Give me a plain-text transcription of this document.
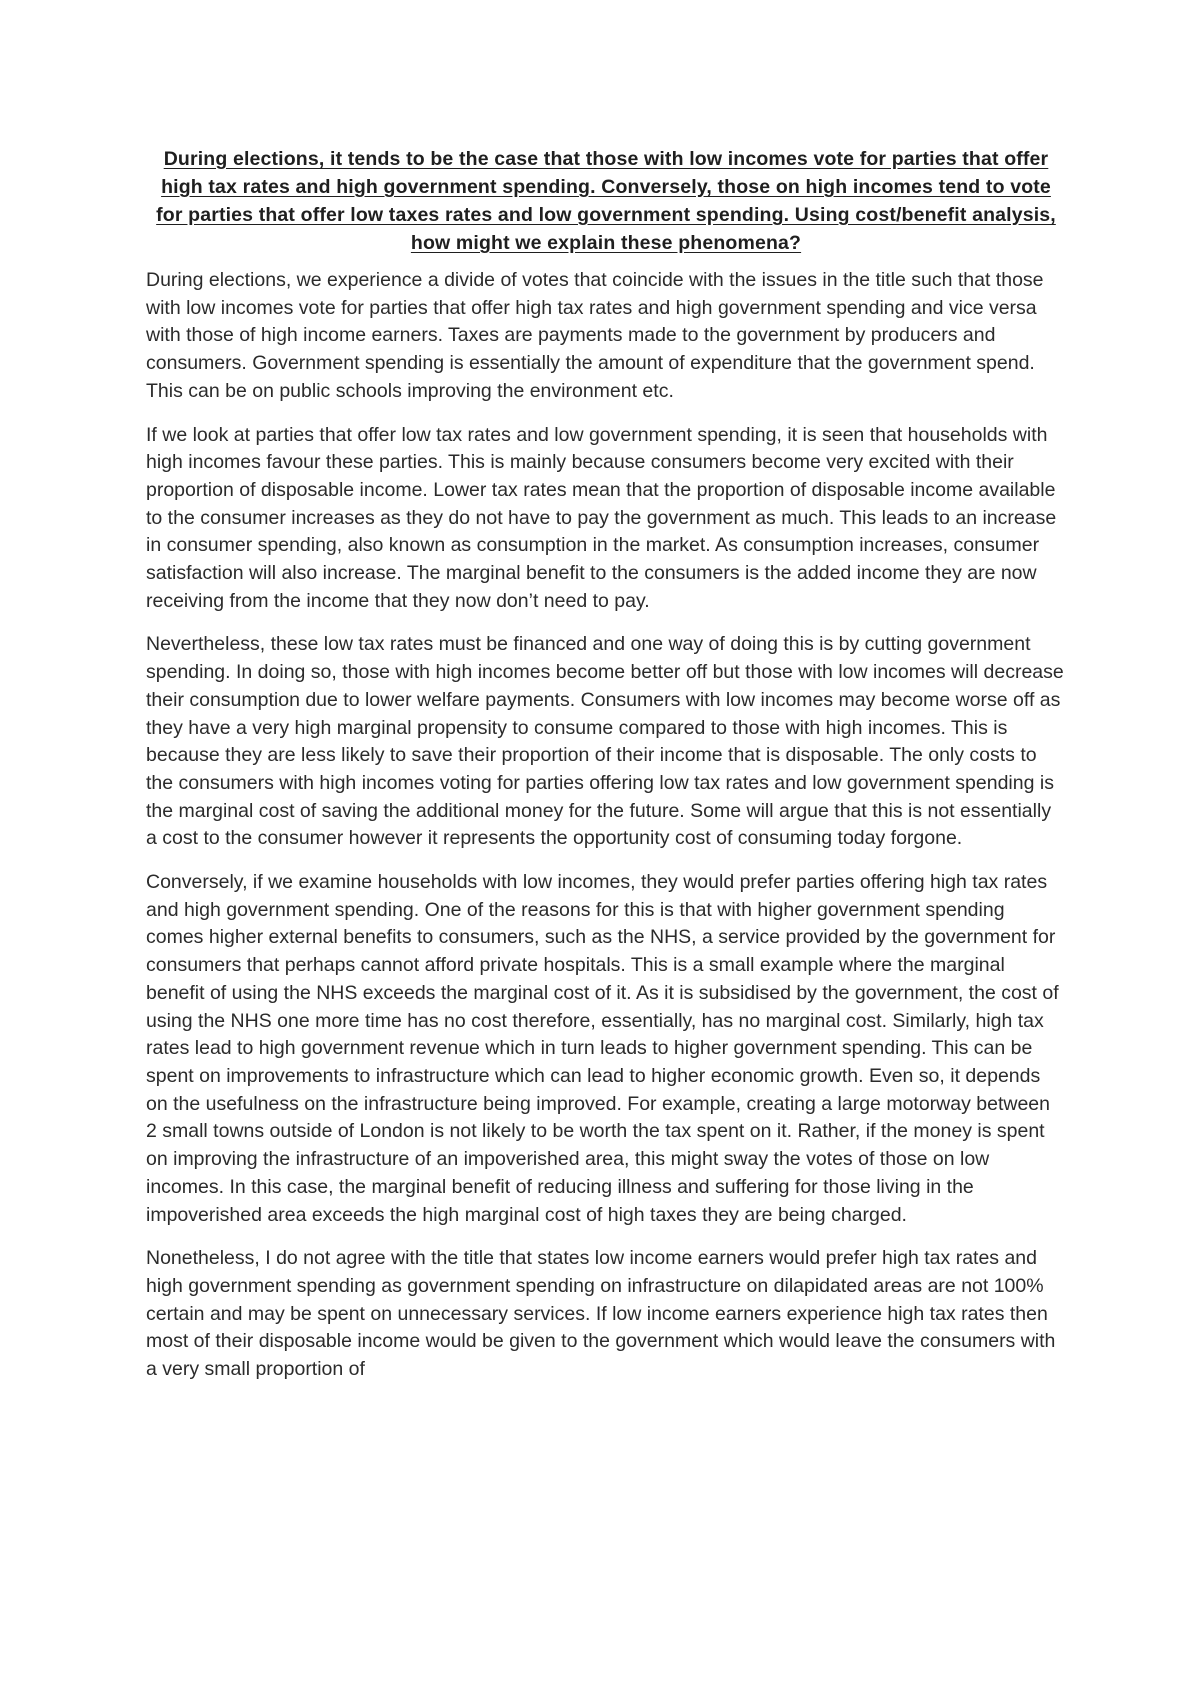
During elections, it tends to be the case that those with low incomes vote for parties that offer high tax rates and high government spending. Conversely, those on high incomes tend to vote for parties that offer low taxes rates and low government spending. Using cost/benefit analysis, how might we explain these phenomena?

During elections, we experience a divide of votes that coincide with the issues in the title such that those with low incomes vote for parties that offer high tax rates and high government spending and vice versa with those of high income earners. Taxes are payments made to the government by producers and consumers. Government spending is essentially the amount of expenditure that the government spend. This can be on public schools improving the environment etc.

If we look at parties that offer low tax rates and low government spending, it is seen that households with high incomes favour these parties. This is mainly because consumers become very excited with their proportion of disposable income. Lower tax rates mean that the proportion of disposable income available to the consumer increases as they do not have to pay the government as much. This leads to an increase in consumer spending, also known as consumption in the market. As consumption increases, consumer satisfaction will also increase. The marginal benefit to the consumers is the added income they are now receiving from the income that they now don’t need to pay.

Nevertheless, these low tax rates must be financed and one way of doing this is by cutting government spending. In doing so, those with high incomes become better off but those with low incomes will decrease their consumption due to lower welfare payments. Consumers with low incomes may become worse off as they have a very high marginal propensity to consume compared to those with high incomes. This is because they are less likely to save their proportion of their income that is disposable. The only costs to the consumers with high incomes voting for parties offering low tax rates and low government spending is the marginal cost of saving the additional money for the future. Some will argue that this is not essentially a cost to the consumer however it represents the opportunity cost of consuming today forgone.

Conversely, if we examine households with low incomes, they would prefer parties offering high tax rates and high government spending. One of the reasons for this is that with higher government spending comes higher external benefits to consumers, such as the NHS, a service provided by the government for consumers that perhaps cannot afford private hospitals. This is a small example where the marginal benefit of using the NHS exceeds the marginal cost of it. As it is subsidised by the government, the cost of using the NHS one more time has no cost therefore, essentially, has no marginal cost. Similarly, high tax rates lead to high government revenue which in turn leads to higher government spending. This can be spent on improvements to infrastructure which can lead to higher economic growth. Even so, it depends on the usefulness on the infrastructure being improved. For example, creating a large motorway between 2 small towns outside of London is not likely to be worth the tax spent on it. Rather, if the money is spent on improving the infrastructure of an impoverished area, this might sway the votes of those on low incomes. In this case, the marginal benefit of reducing illness and suffering for those living in the impoverished area exceeds the high marginal cost of high taxes they are being charged.

Nonetheless, I do not agree with the title that states low income earners would prefer high tax rates and high government spending as government spending on infrastructure on dilapidated areas are not 100% certain and may be spent on unnecessary services. If low income earners experience high tax rates then most of their disposable income would be given to the government which would leave the consumers with a very small proportion of
